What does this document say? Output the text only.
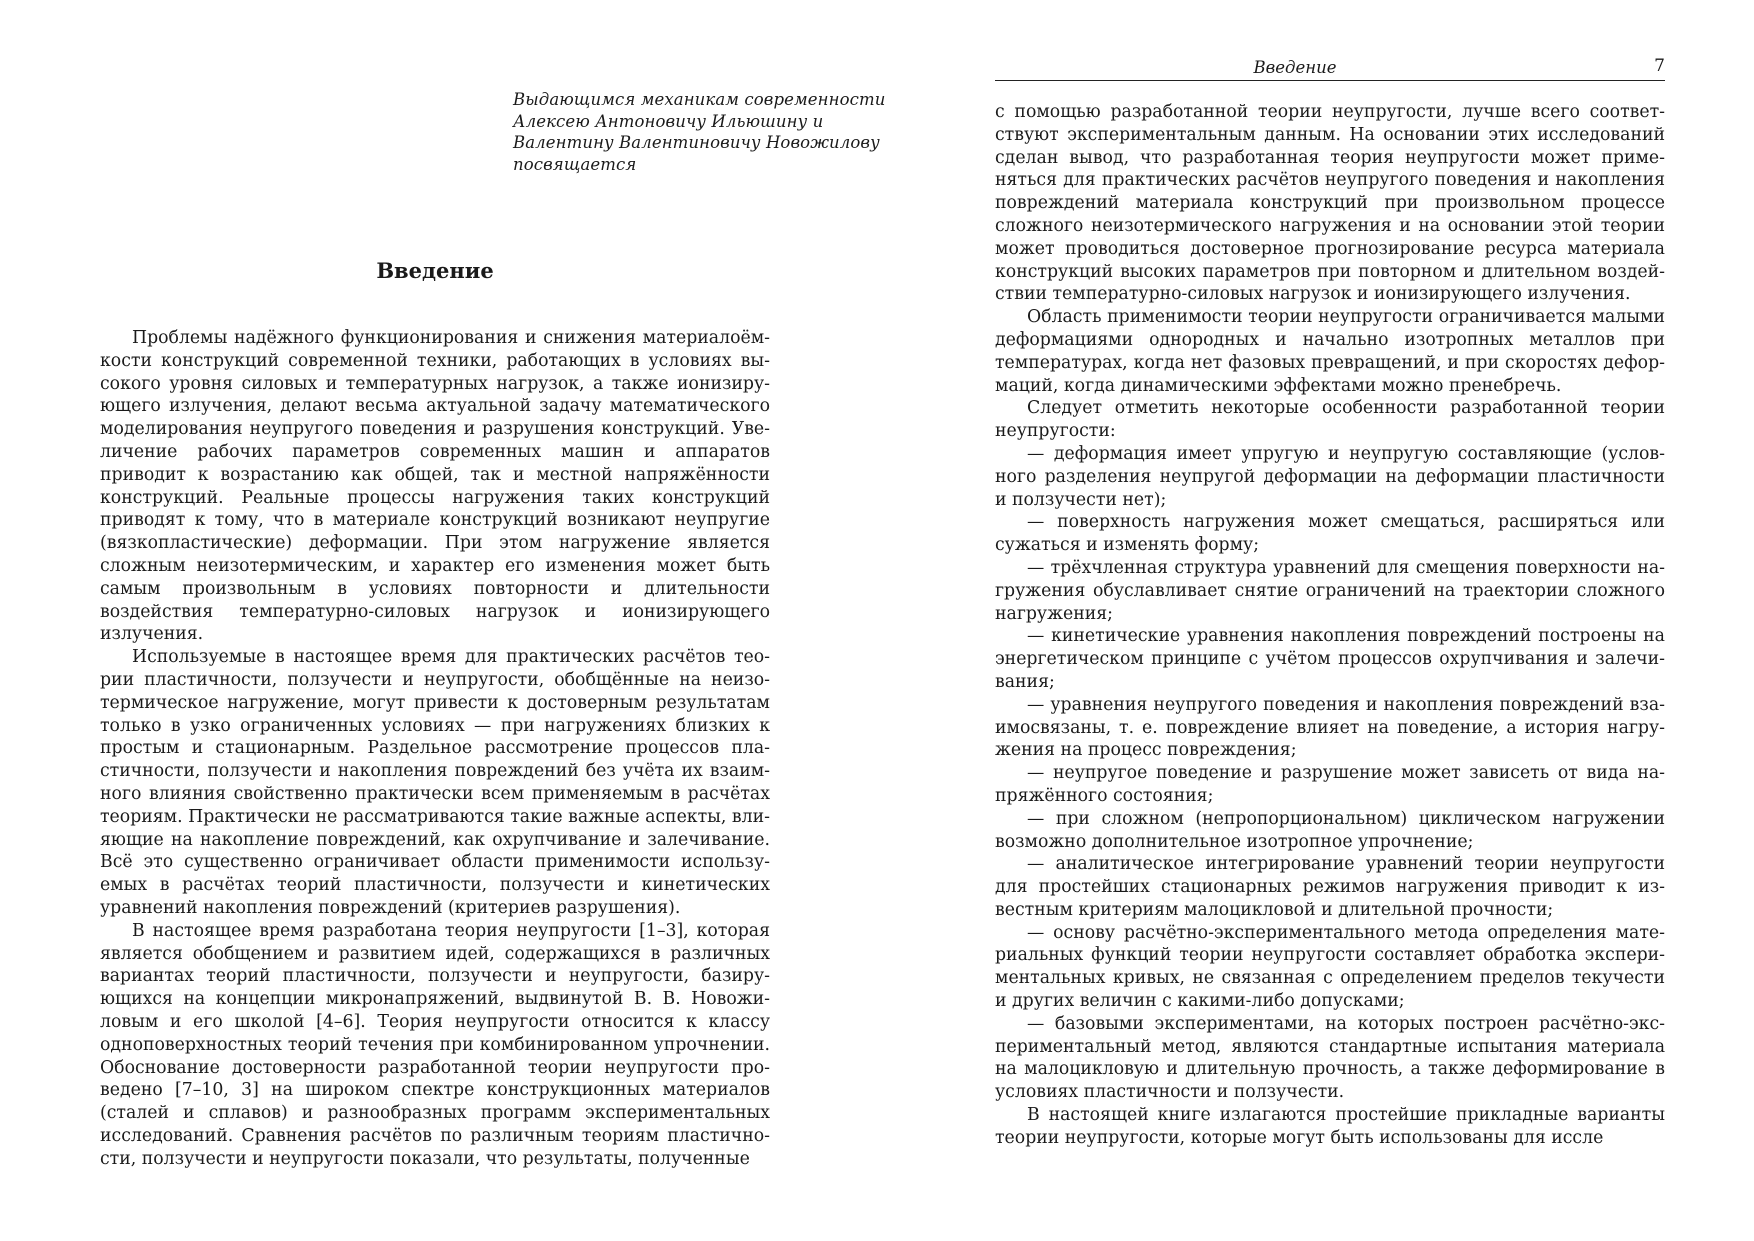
Выдающимся механикам современности
Алексею Антоновичу Ильюшину и
Валентину Валентиновичу Новожилову
посвящается
Введение

Проблемы надёжного функционирования и снижения материалоёмкости конструкций современной техники, работающих в условиях высокого уровня силовых и температурных нагрузок, а также ионизирующего излучения, делают весьма актуальной задачу математического моделирования неупругого поведения и разрушения конструкций. Увеличение рабочих параметров современных машин и аппаратов приводит к возрастанию как общей, так и местной напряжённости конструкций. Реальные процессы нагружения таких конструкций приводят к тому, что в материале конструкций возникают неупругие (вязкопластические) деформации. При этом нагружение является сложным неизотермическим, и характер его изменения может быть самым произвольным в условиях повторности и длительности воздействия температурно-силовых нагрузок и ионизирующего излучения.

Используемые в настоящее время для практических расчётов теории пластичности, ползучести и неупругости, обобщённые на неизотермическое нагружение, могут привести к достоверным результатам только в узко ограниченных условиях — при нагружениях близких к простым и стационарным. Раздельное рассмотрение процессов пластичности, ползучести и накопления повреждений без учёта их взаимного влияния свойственно практически всем применяемым в расчётах теориям. Практически не рассматриваются такие важные аспекты, влияющие на накопление повреждений, как охрупчивание и залечивание. Всё это существенно ограничивает области применимости используемых в расчётах теорий пластичности, ползучести и кинетических уравнений накопления повреждений (критериев разрушения).

В настоящее время разработана теория неупругости [1–3], которая является обобщением и развитием идей, содержащихся в различных вариантах теорий пластичности, ползучести и неупругости, базирующихся на концепции микронапряжений, выдвинутой В. В. Новожиловым и его школой [4–6]. Теория неупругости относится к классу одноповерхностных теорий течения при комбинированном упрочнении. Обоснование достоверности разработанной теории неупругости проведено [7–10, 3] на широком спектре конструкционных материалов (сталей и сплавов) и разнообразных программ экспериментальных исследований. Сравнения расчётов по различным теориям пластичности, ползучести и неупругости показали, что результаты, полученные

Введение	7

с помощью разработанной теории неупругости, лучше всего соответствуют экспериментальным данным. На основании этих исследований сделан вывод, что разработанная теория неупругости может применяться для практических расчётов неупругого поведения и накопления повреждений материала конструкций при произвольном процессе сложного неизотермического нагружения и на основании этой теории может проводиться достоверное прогнозирование ресурса материала конструкций высоких параметров при повторном и длительном воздействии температурно-силовых нагрузок и ионизирующего излучения.

Область применимости теории неупругости ограничивается малыми деформациями однородных и начально изотропных металлов при температурах, когда нет фазовых превращений, и при скоростях деформаций, когда динамическими эффектами можно пренебречь.

Следует отметить некоторые особенности разработанной теории неупругости:

— деформация имеет упругую и неупругую составляющие (условного разделения неупругой деформации на деформации пластичности и ползучести нет);

— поверхность нагружения может смещаться, расширяться или сужаться и изменять форму;

— трёхчленная структура уравнений для смещения поверхности нагружения обуславливает снятие ограничений на траектории сложного нагружения;

— кинетические уравнения накопления повреждений построены на энергетическом принципе с учётом процессов охрупчивания и залечивания;

— уравнения неупругого поведения и накопления повреждений взаимосвязаны, т. е. повреждение влияет на поведение, а история нагружения на процесс повреждения;

— неупругое поведение и разрушение может зависеть от вида напряжённого состояния;

— при сложном (непропорциональном) циклическом нагружении возможно дополнительное изотропное упрочнение;

— аналитическое интегрирование уравнений теории неупругости для простейших стационарных режимов нагружения приводит к известным критериям малоцикловой и длительной прочности;

— основу расчётно-экспериментального метода определения материальных функций теории неупругости составляет обработка экспериментальных кривых, не связанная с определением пределов текучести и других величин с какими-либо допусками;

— базовыми экспериментами, на которых построен расчётно-экспериментальный метод, являются стандартные испытания материала на малоцикловую и длительную прочность, а также деформирование в условиях пластичности и ползучести.

В настоящей книге излагаются простейшие прикладные варианты теории неупругости, которые могут быть использованы для иссле
